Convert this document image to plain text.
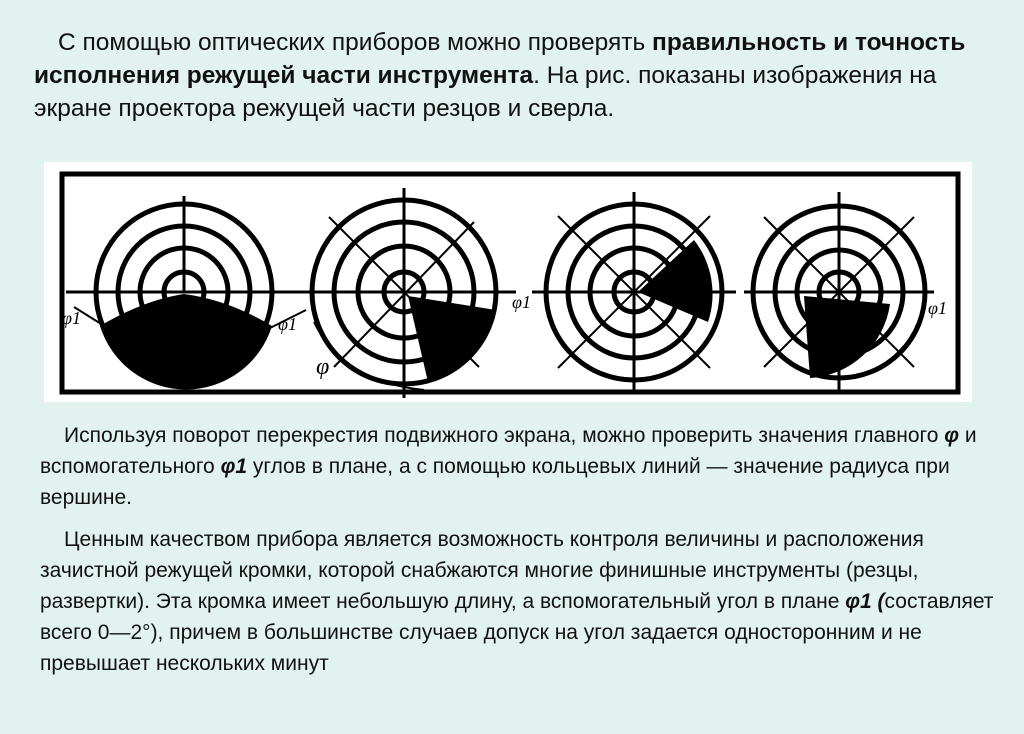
С помощью оптических приборов можно проверять правильность и точность исполнения режущей части инструмента. На рис. показаны изображения на экране проектора режущей части резцов и сверла.
φ1	φ1
φ
φ1	φ1
Используя поворот перекрестия подвижного экрана, можно проверить значения главного φ и вспомогательного φ1 углов в плане, а с помощью кольцевых линий — значение радиуса при вершине.
Ценным качеством прибора является возможность контроля величины и расположения зачистной режущей кромки, которой снабжаются многие финишные инструменты (резцы, развертки). Эта кромка имеет небольшую длину, а вспомогательный угол в плане φ1 (составляет всего 0—2°), причем в большинстве случаев допуск на угол задается односторонним и не превышает нескольких минут
